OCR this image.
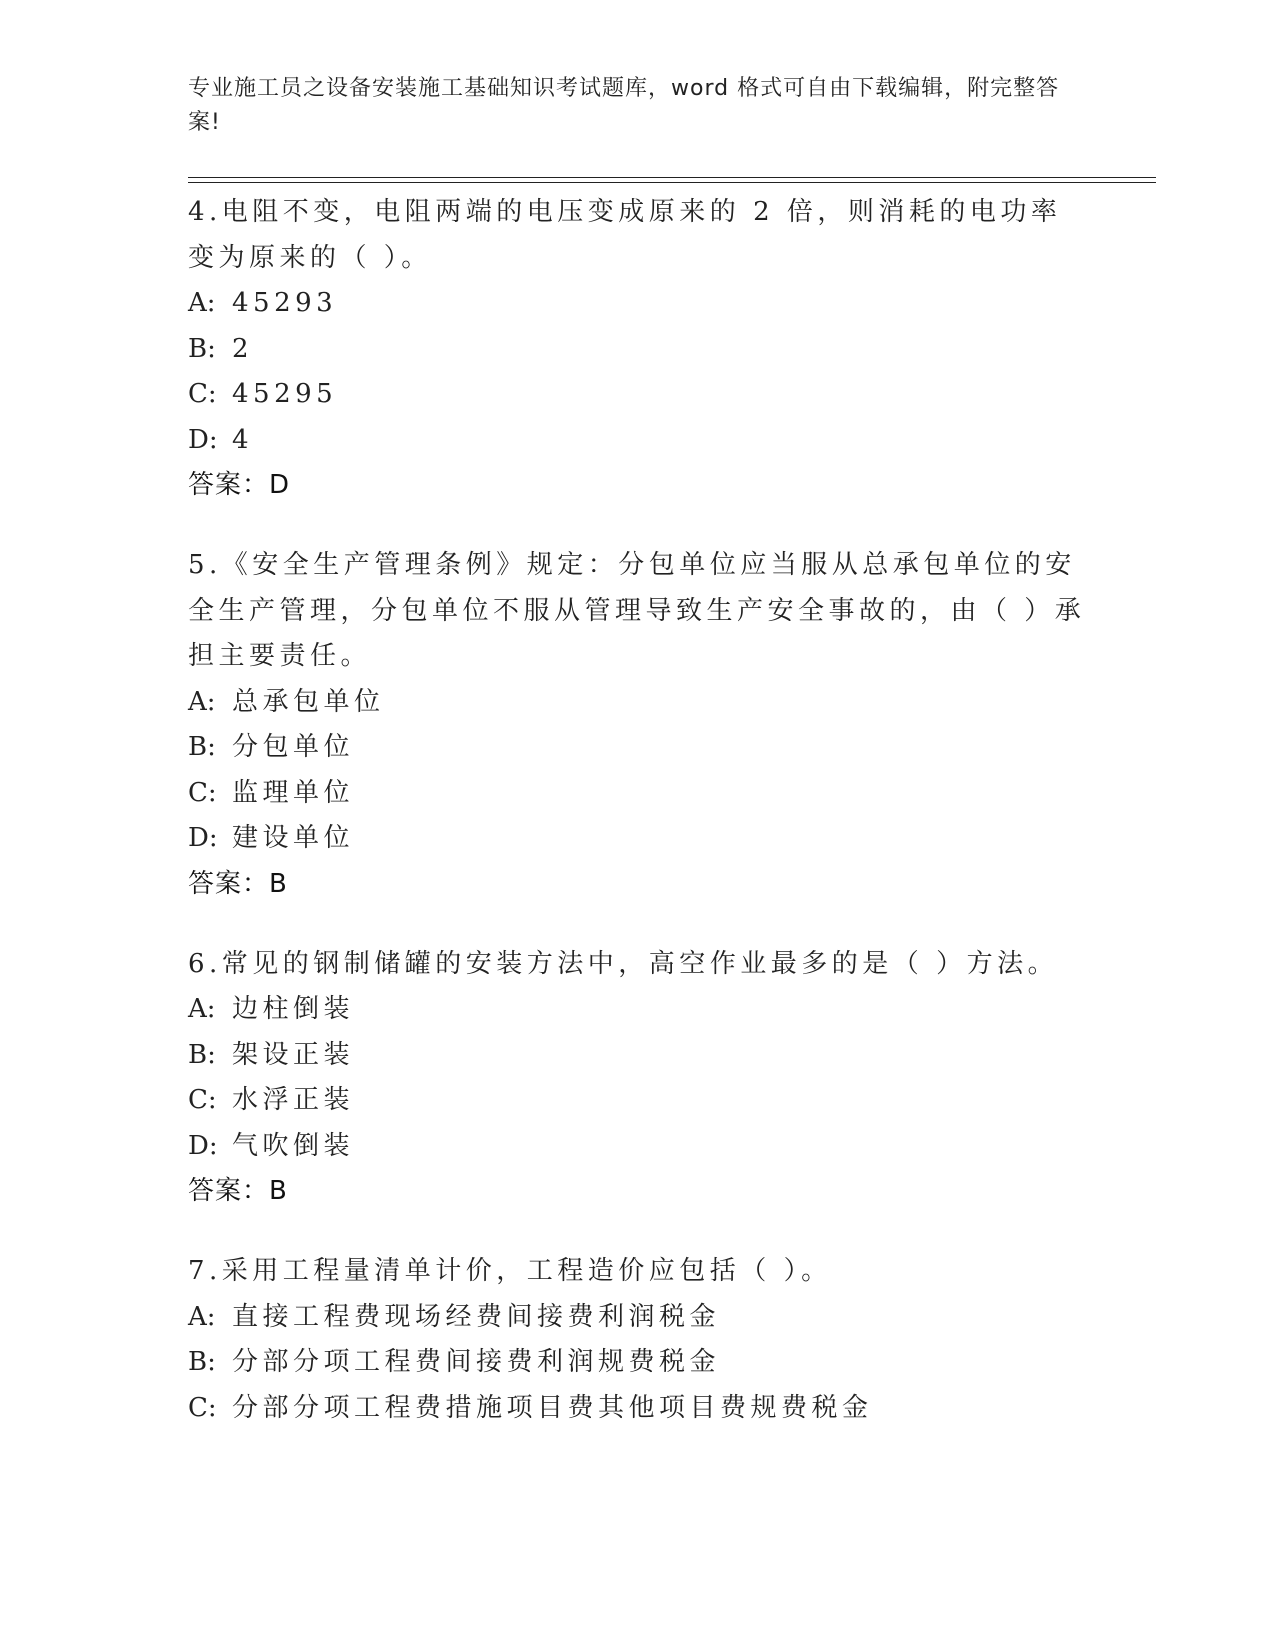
专业施工员之设备安装施工基础知识考试题库，word 格式可自由下载编辑，附完整答案!

4.电阻不变，电阻两端的电压变成原来的 2 倍，则消耗的电功率变为原来的（ ）。

A: 45293

B: 2

C: 45295

D: 4

答案：D

5.《安全生产管理条例》规定：分包单位应当服从总承包单位的安全生产管理，分包单位不服从管理导致生产安全事故的，由（ ）承担主要责任。

A: 总承包单位

B: 分包单位

C: 监理单位

D: 建设单位

答案：B

6.常见的钢制储罐的安装方法中，高空作业最多的是（ ）方法。

A: 边柱倒装

B: 架设正装

C: 水浮正装

D: 气吹倒装

答案：B

7.采用工程量清单计价，工程造价应包括（ ）。

A: 直接工程费现场经费间接费利润税金

B: 分部分项工程费间接费利润规费税金

C: 分部分项工程费措施项目费其他项目费规费税金
